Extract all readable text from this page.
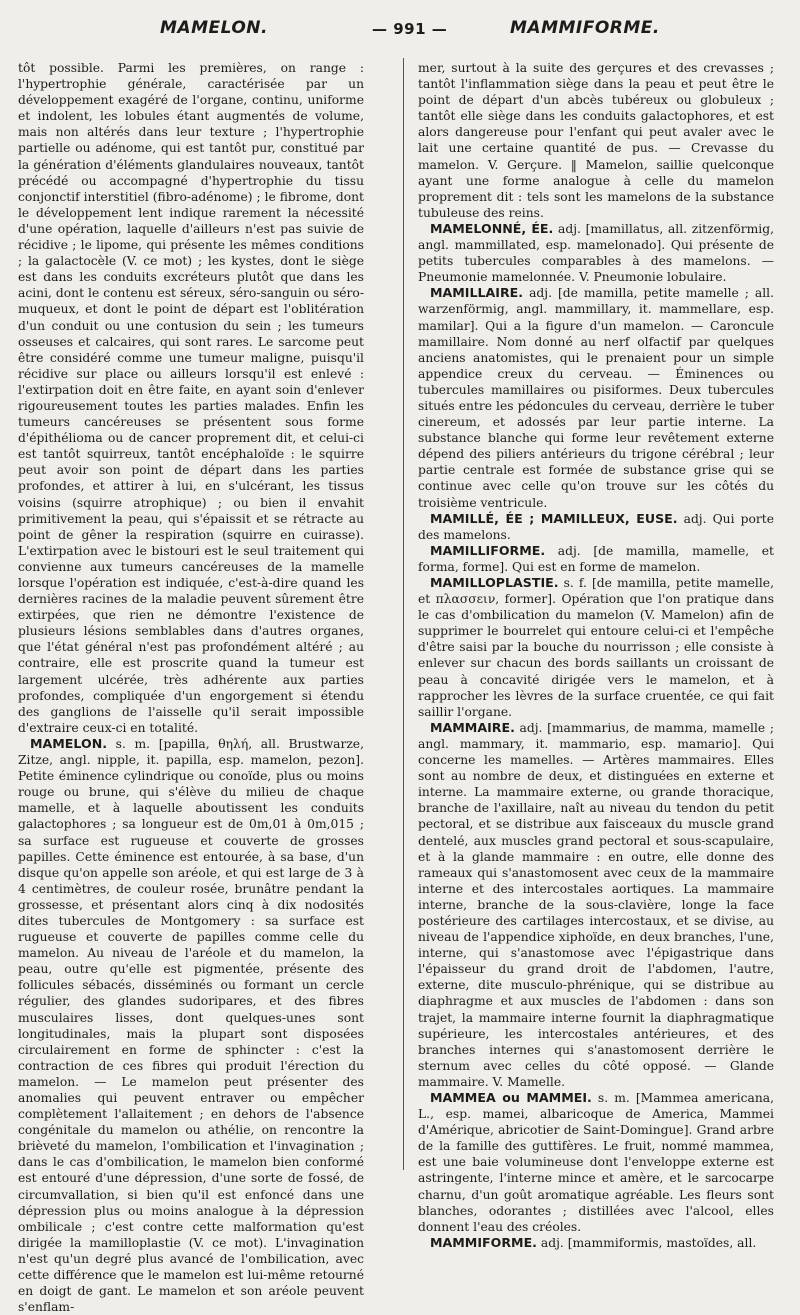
MAMELON.	— 991 —	MAMMIFORME.

tôt possible. Parmi les premières, on range : l'hypertrophie générale, caractérisée par un développement exagéré de l'organe, continu, uniforme et indolent, les lobules étant augmentés de volume, mais non altérés dans leur texture ; l'hypertrophie partielle ou adénome, qui est tantôt pur, constitué par la génération d'éléments glandulaires nouveaux, tantôt précédé ou accompagné d'hypertrophie du tissu conjonctif interstitiel (fibro-adénome) ; le fibrome, dont le développement lent indique rarement la nécessité d'une opération, laquelle d'ailleurs n'est pas suivie de récidive ; le lipome, qui présente les mêmes conditions ; la galactocèle (V. ce mot) ; les kystes, dont le siège est dans les conduits excréteurs plutôt que dans les acini, dont le contenu est séreux, séro-sanguin ou séro-muqueux, et dont le point de départ est l'oblitération d'un conduit ou une contusion du sein ; les tumeurs osseuses et calcaires, qui sont rares. Le sarcome peut être considéré comme une tumeur maligne, puisqu'il récidive sur place ou ailleurs lorsqu'il est enlevé : l'extirpation doit en être faite, en ayant soin d'enlever rigoureusement toutes les parties malades. Enfin les tumeurs cancéreuses se présentent sous forme d'épithélioma ou de cancer proprement dit, et celui-ci est tantôt squirreux, tantôt encéphaloïde : le squirre peut avoir son point de départ dans les parties profondes, et attirer à lui, en s'ulcérant, les tissus voisins (squirre atrophique) ; ou bien il envahit primitivement la peau, qui s'épaissit et se rétracte au point de gêner la respiration (squirre en cuirasse). L'extirpation avec le bistouri est le seul traitement qui convienne aux tumeurs cancéreuses de la mamelle lorsque l'opération est indiquée, c'est-à-dire quand les dernières racines de la maladie peuvent sûrement être extirpées, que rien ne démontre l'existence de plusieurs lésions semblables dans d'autres organes, que l'état général n'est pas profondément altéré ; au contraire, elle est proscrite quand la tumeur est largement ulcérée, très adhérente aux parties profondes, compliquée d'un engorgement si étendu des ganglions de l'aisselle qu'il serait impossible d'extraire ceux-ci en totalité.

MAMELON. s. m. [papilla, θηλή, all. Brustwarze, Zitze, angl. nipple, it. papilla, esp. mamelon, pezon]. Petite éminence cylindrique ou conoïde, plus ou moins rouge ou brune, qui s'élève du milieu de chaque mamelle, et à laquelle aboutissent les conduits galactophores ; sa longueur est de 0m,01 à 0m,015 ; sa surface est rugueuse et couverte de grosses papilles. Cette éminence est entourée, à sa base, d'un disque qu'on appelle son aréole, et qui est large de 3 à 4 centimètres, de couleur rosée, brunâtre pendant la grossesse, et présentant alors cinq à dix nodosités dites tubercules de Montgomery : sa surface est rugueuse et couverte de papilles comme celle du mamelon. Au niveau de l'aréole et du mamelon, la peau, outre qu'elle est pigmentée, présente des follicules sébacés, disséminés ou formant un cercle régulier, des glandes sudoripares, et des fibres musculaires lisses, dont quelques-unes sont longitudinales, mais la plupart sont disposées circulairement en forme de sphincter : c'est la contraction de ces fibres qui produit l'érection du mamelon. — Le mamelon peut présenter des anomalies qui peuvent entraver ou empêcher complètement l'allaitement ; en dehors de l'absence congénitale du mamelon ou athélie, on rencontre la brièveté du mamelon, l'ombilication et l'invagination ; dans le cas d'ombilication, le mamelon bien conformé est entouré d'une dépression, d'une sorte de fossé, de circumvallation, si bien qu'il est enfoncé dans une dépression plus ou moins analogue à la dépression ombilicale ; c'est contre cette malformation qu'est dirigée la mamilloplastie (V. ce mot). L'invagination n'est qu'un degré plus avancé de l'ombilication, avec cette différence que le mamelon est lui-même retourné en doigt de gant. Le mamelon et son aréole peuvent s'enflam-

mer, surtout à la suite des gerçures et des crevasses ; tantôt l'inflammation siège dans la peau et peut être le point de départ d'un abcès tubéreux ou globuleux ; tantôt elle siège dans les conduits galactophores, et est alors dangereuse pour l'enfant qui peut avaler avec le lait une certaine quantité de pus. — Crevasse du mamelon. V. Gerçure. ‖ Mamelon, saillie quelconque ayant une forme analogue à celle du mamelon proprement dit : tels sont les mamelons de la substance tubuleuse des reins.

MAMELONNÉ, ÉE. adj. [mamillatus, all. zitzenförmig, angl. mammillated, esp. mamelonado]. Qui présente de petits tubercules comparables à des mamelons. — Pneumonie mamelonnée. V. Pneumonie lobulaire.

MAMILLAIRE. adj. [de mamilla, petite mamelle ; all. warzenförmig, angl. mammillary, it. mammellare, esp. mamilar]. Qui a la figure d'un mamelon. — Caroncule mamillaire. Nom donné au nerf olfactif par quelques anciens anatomistes, qui le prenaient pour un simple appendice creux du cerveau. — Éminences ou tubercules mamillaires ou pisiformes. Deux tubercules situés entre les pédoncules du cerveau, derrière le tuber cinereum, et adossés par leur partie interne. La substance blanche qui forme leur revêtement externe dépend des piliers antérieurs du trigone cérébral ; leur partie centrale est formée de substance grise qui se continue avec celle qu'on trouve sur les côtés du troisième ventricule.

MAMILLÉ, ÉE ; MAMILLEUX, EUSE. adj. Qui porte des mamelons.

MAMILLIFORME. adj. [de mamilla, mamelle, et forma, forme]. Qui est en forme de mamelon.

MAMILLOPLASTIE. s. f. [de mamilla, petite mamelle, et πλασσειν, former]. Opération que l'on pratique dans le cas d'ombilication du mamelon (V. Mamelon) afin de supprimer le bourrelet qui entoure celui-ci et l'empêche d'être saisi par la bouche du nourrisson ; elle consiste à enlever sur chacun des bords saillants un croissant de peau à concavité dirigée vers le mamelon, et à rapprocher les lèvres de la surface cruentée, ce qui fait saillir l'organe.

MAMMAIRE. adj. [mammarius, de mamma, mamelle ; angl. mammary, it. mammario, esp. mamario]. Qui concerne les mamelles. — Artères mammaires. Elles sont au nombre de deux, et distinguées en externe et interne. La mammaire externe, ou grande thoracique, branche de l'axillaire, naît au niveau du tendon du petit pectoral, et se distribue aux faisceaux du muscle grand dentelé, aux muscles grand pectoral et sous-scapulaire, et à la glande mammaire : en outre, elle donne des rameaux qui s'anastomosent avec ceux de la mammaire interne et des intercostales aortiques. La mammaire interne, branche de la sous-clavière, longe la face postérieure des cartilages intercostaux, et se divise, au niveau de l'appendice xiphoïde, en deux branches, l'une, interne, qui s'anastomose avec l'épigastrique dans l'épaisseur du grand droit de l'abdomen, l'autre, externe, dite musculo-phrénique, qui se distribue au diaphragme et aux muscles de l'abdomen : dans son trajet, la mammaire interne fournit la diaphragmatique supérieure, les intercostales antérieures, et des branches internes qui s'anastomosent derrière le sternum avec celles du côté opposé. — Glande mammaire. V. Mamelle.

MAMMEA ou MAMMEI. s. m. [Mammea americana, L., esp. mamei, albaricoque de America, Mammei d'Amérique, abricotier de Saint-Domingue]. Grand arbre de la famille des guttifères. Le fruit, nommé mammea, est une baie volumineuse dont l'enveloppe externe est astringente, l'interne mince et amère, et le sarcocarpe charnu, d'un goût aromatique agréable. Les fleurs sont blanches, odorantes ; distillées avec l'alcool, elles donnent l'eau des créoles.

MAMMIFORME. adj. [mammiformis, mastoïdes, all.
